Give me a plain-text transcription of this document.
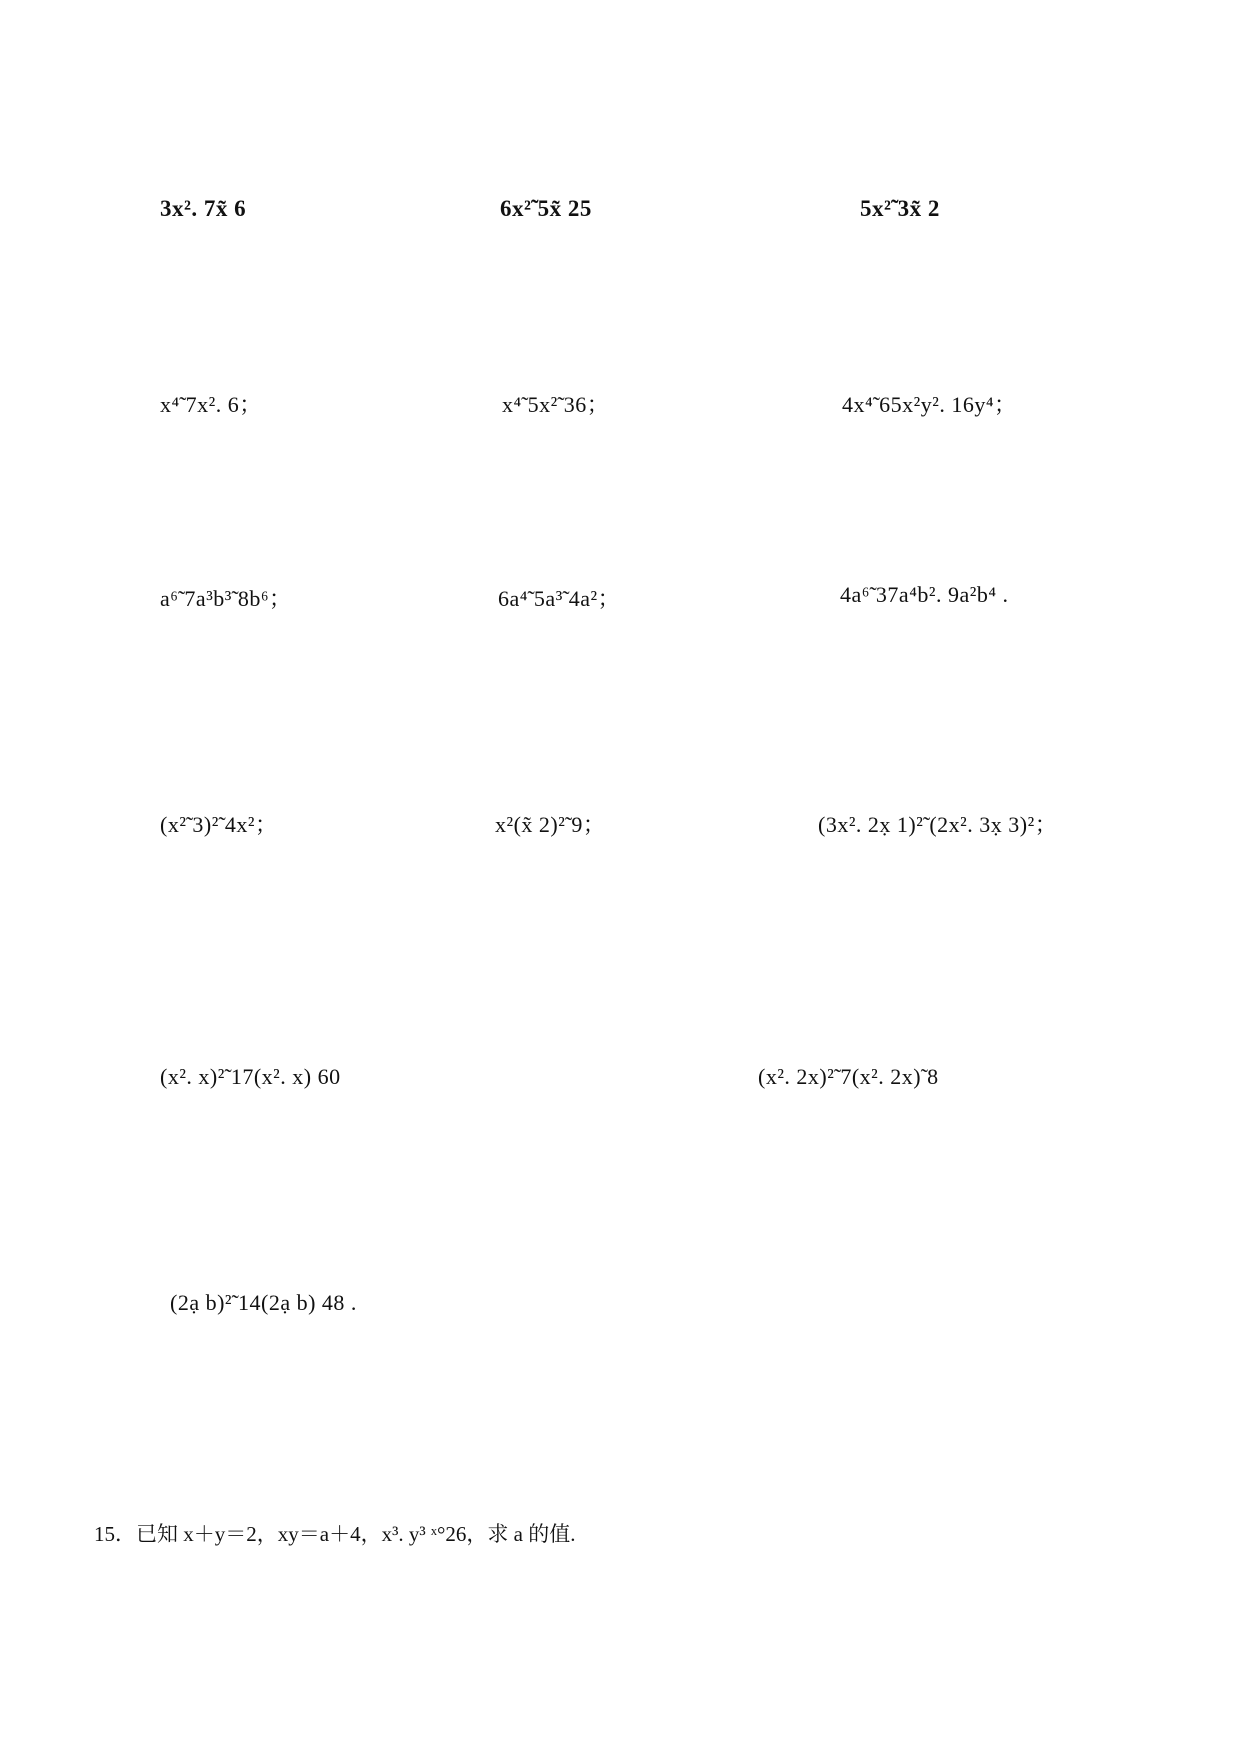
3x². 7x̃ 6	6x²̃ 5x̃ 25	5x²̃ 3x̃ 2
x⁴̃ 7x². 6；	x⁴̃ 5x²̃ 36；	4x⁴̃ 65x²y². 16y⁴；
a⁶̃ 7a³b³̃ 8b⁶；	6a⁴̃ 5a³̃ 4a²；	4a⁶̃ 37a⁴b². 9a²b⁴ .
(x²̃ 3)²̃ 4x²；	x²(x̃ 2)²̃ 9；	(3x². 2x̣ 1)²̃ (2x². 3x̣ 3)²；
(x². x)²̃ 17(x². x) 60	(x². 2x)²̃ 7(x². 2x)̃ 8
(2ạ b)²̃ 14(2ạ b) 48 .
15．已知 x＋y＝2，xy＝a＋4，x³. y³ ˣ°26，求 a 的值.
